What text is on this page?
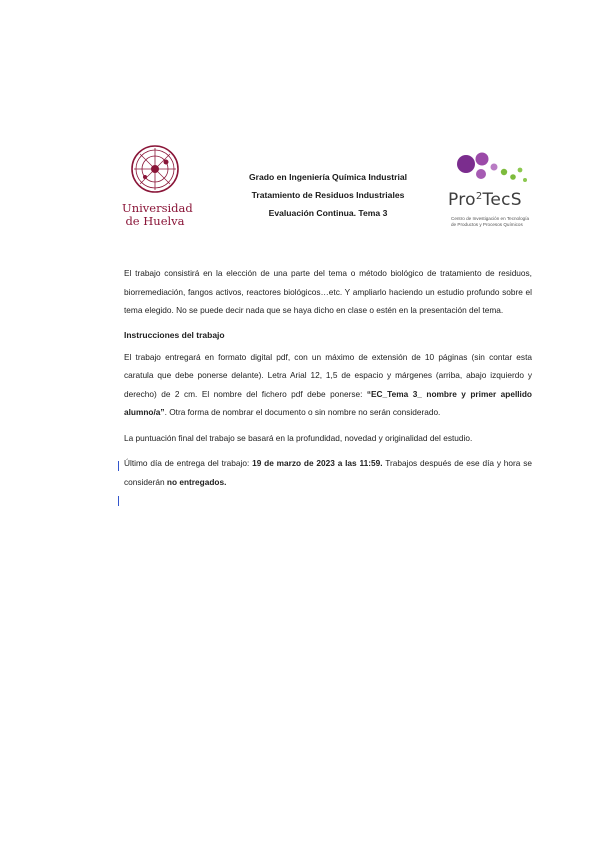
Universidad
de Huelva
Grado en Ingeniería Química Industrial
Tratamiento de Residuos Industriales
Evaluación Continua. Tema 3
Pro$^2$TecS
Centro de Investigación en Tecnología
de Productos y Procesos Químicos

El trabajo consistirá en la elección de una parte del tema o método biológico de tratamiento de residuos, biorremediación, fangos activos, reactores biológicos…etc. Y ampliarlo haciendo un estudio profundo sobre el tema elegido. No se puede decir nada que se haya dicho en clase o estén en la presentación del tema.

Instrucciones del trabajo

El trabajo entregará en formato digital pdf, con un máximo de extensión de 10 páginas (sin contar esta caratula que debe ponerse delante). Letra Arial 12, 1,5 de espacio y márgenes (arriba, abajo izquierdo y derecho) de 2 cm. El nombre del fichero pdf debe ponerse: “EC_Tema 3_ nombre y primer apellido alumno/a”. Otra forma de nombrar el documento o sin nombre no serán considerado.

La puntuación final del trabajo se basará en la profundidad, novedad y originalidad del estudio.

Último día de entrega del trabajo: 19 de marzo de 2023 a las 11:59. Trabajos después de ese día y hora se considerán no entregados.
